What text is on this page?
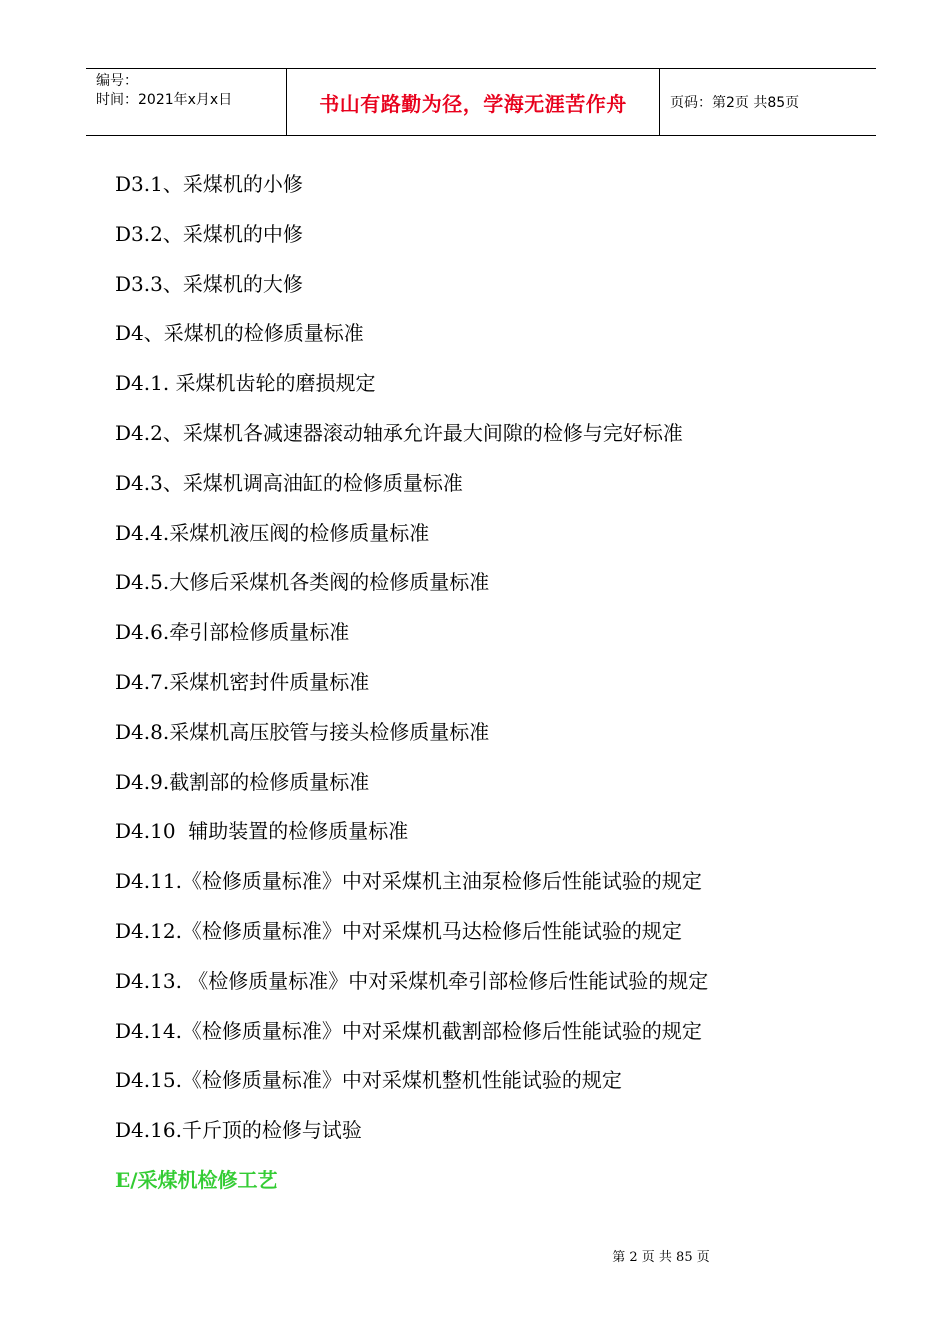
编号：
时间：2021年x月x日	书山有路勤为径，学海无涯苦作舟	页码：第2页 共85页
D3.1、采煤机的小修
D3.2、采煤机的中修
D3.3、采煤机的大修
D4、采煤机的检修质量标准
D4.1. 采煤机齿轮的磨损规定
D4.2、采煤机各减速器滚动轴承允许最大间隙的检修与完好标准
D4.3、采煤机调高油缸的检修质量标准
D4.4.采煤机液压阀的检修质量标准
D4.5.大修后采煤机各类阀的检修质量标准
D4.6.牵引部检修质量标准
D4.7.采煤机密封件质量标准
D4.8.采煤机高压胶管与接头检修质量标准
D4.9.截割部的检修质量标准
D4.10  辅助装置的检修质量标准
D4.11.《检修质量标准》中对采煤机主油泵检修后性能试验的规定
D4.12.《检修质量标准》中对采煤机马达检修后性能试验的规定
D4.13. 《检修质量标准》中对采煤机牵引部检修后性能试验的规定
D4.14.《检修质量标准》中对采煤机截割部检修后性能试验的规定
D4.15.《检修质量标准》中对采煤机整机性能试验的规定
D4.16.千斤顶的检修与试验
E/采煤机检修工艺
第 2 页 共 85 页
